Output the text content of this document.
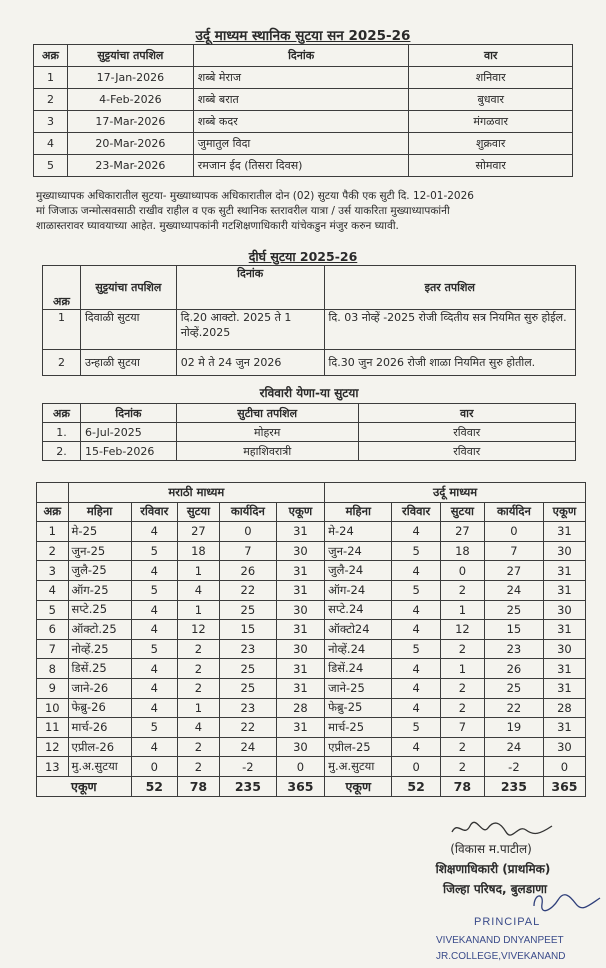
उर्दू माध्यम स्थानिक सुटया सन 2025-26
अक्र	सुट्टयांचा तपशिल	दिनांक	वार
1	17-Jan-2026	शब्बे मेराज	शनिवार
2	4-Feb-2026	शब्बे बरात	बुधवार
3	17-Mar-2026	शब्बे कदर	मंगळवार
4	20-Mar-2026	जुमातुल विदा	शुक्रवार
5	23-Mar-2026	रमजान ईद (तिसरा दिवस)	सोमवार
मुख्याध्यापक अधिकारातील सुटया- मुख्याध्यापक अधिकारातील दोन (02) सुटया पैकी एक सुटी दि. 12-01-2026
मां जिजाऊ जन्मोत्सवसाठी राखीव राहील व एक सुटी स्थानिक स्तरावरील यात्रा / उर्स याकरिता मुख्याध्यापकांनी
शाळास्तरावर घ्यावयाच्या आहेत. मुख्याध्यापकांनी गटशिक्षणाधिकारी यांचेकडुन मंजुर करुन घ्यावी.
दीर्घ सुटया 2025-26
अक्र	सुट्टयांचा तपशिल	दिनांक	इतर तपशिल
1	दिवाळी सुटया	दि.20 आक्टो. 2025 ते 1 नोव्हें.2025	दि. 03 नोव्हें -2025 रोजी व्दितीय सत्र नियमित सुरु होईल.
2	उन्हाळी सुटया	02 मे ते 24 जुन 2026	दि.30 जुन 2026 रोजी शाळा नियमित सुरु होतील.
रविवारी येणा-या सुटया
अक्र	दिनांक	सुटीचा तपशिल	वार
1.	6-Jul-2025	मोहरम	रविवार
2.	15-Feb-2026	महाशिवरात्री	रविवार
	मराठी माध्यम					उर्दू माध्यम				
अक्र	महिना	रविवार	सुटया	कार्यदिन	एकूण	महिना	रविवार	सुटया	कार्यदिन	एकूण
1	मे-25	4	27	0	31	मे-24	4	27	0	31
2	जुन-25	5	18	7	30	जुन-24	5	18	7	30
3	जुलै-25	4	1	26	31	जुलै-24	4	0	27	31
4	ऑग-25	5	4	22	31	ऑग-24	5	2	24	31
5	सप्टे.25	4	1	25	30	सप्टे.24	4	1	25	30
6	ऑक्टो.25	4	12	15	31	ऑक्टो24	4	12	15	31
7	नोव्हें.25	5	2	23	30	नोव्हें.24	5	2	23	30
8	डिसें.25	4	2	25	31	डिसें.24	4	1	26	31
9	जाने-26	4	2	25	31	जाने-25	4	2	25	31
10	फेब्रु-26	4	1	23	28	फेब्रु-25	4	2	22	28
11	मार्च-26	5	4	22	31	मार्च-25	5	7	19	31
12	एप्रील-26	4	2	24	30	एप्रील-25	4	2	24	30
13	मु.अ.सुटया	0	2	-2	0	मु.अ.सुटया	0	2	-2	0
एकूण		52	78	235	365	एकूण	52	78	235	365
(विकास म.पाटील)
शिक्षणाधिकारी (प्राथमिक)
जिल्हा परिषद, बुलडाणा
PRINCIPAL
VIVEKANAND DNYANPEET
JR.COLLEGE,VIVEKANAND
